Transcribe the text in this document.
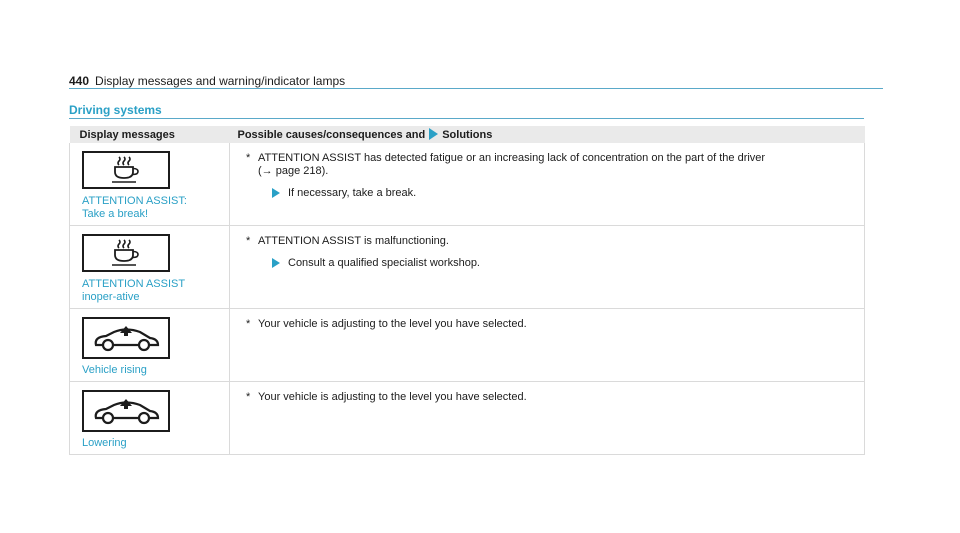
440 Display messages and warning/indicator lamps
Driving systems
Display messages	Possible causes/consequences and Solutions

ATTENTION ASSIST: Take a break!	* ATTENTION ASSIST has detected fatigue or an increasing lack of concentration on the part of the driver
(→ page 218).
If necessary, take a break.

ATTENTION ASSIST inoper-ative	* ATTENTION ASSIST is malfunctioning.
Consult a qualified specialist workshop.

Vehicle rising	* Your vehicle is adjusting to the level you have selected.

Lowering	* Your vehicle is adjusting to the level you have selected.
